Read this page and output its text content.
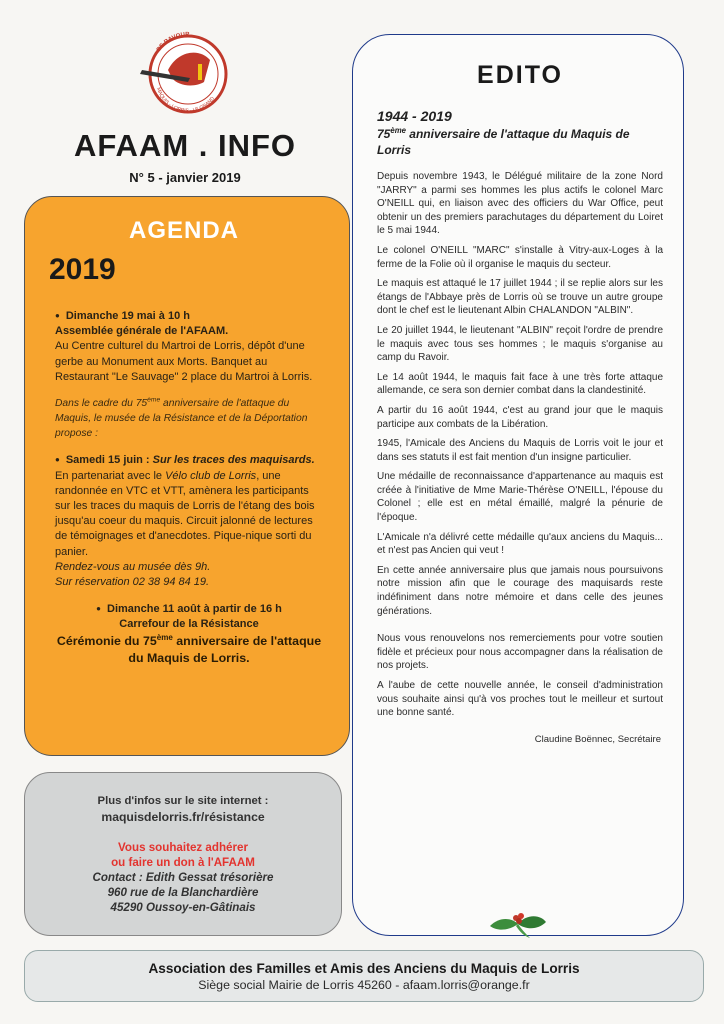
DE RAVOUR
MAQUIS - LORRIS - LE GRAND
AFAAM . INFO
N° 5 - janvier 2019
AGENDA
2019
● Dimanche 19 mai à 10 h
Assemblée générale de l'AFAAM.
Au Centre culturel du Martroi de Lorris, dépôt d'une gerbe au Monument aux Morts. Banquet au Restaurant "Le Sauvage" 2 place du Martroi à Lorris.
Dans le cadre du 75ème anniversaire de l'attaque du Maquis, le musée de la Résistance et de la Déportation propose :
● Samedi 15 juin : Sur les traces des maquisards. En partenariat avec le Vélo club de Lorris, une randonnée en VTC et VTT, amènera les participants sur les traces du maquis de Lorris de l'étang des bois jusqu'au coeur du maquis. Circuit jalonné de lectures de témoignages et d'anecdotes. Pique-nique sorti du panier.
Rendez-vous au musée dès 9h.
Sur réservation 02 38 94 84 19.
● Dimanche 11 août à partir de 16 h
Carrefour de la Résistance
Cérémonie du 75ème anniversaire de l'attaque du Maquis de Lorris.
Plus d'infos sur le site internet :
maquisdelorris.fr/résistance
Vous souhaitez adhérer
ou faire un don à l'AFAAM
Contact : Edith Gessat trésorière
960 rue de la Blanchardière
45290 Oussoy-en-Gâtinais
EDITO
1944 - 2019
75ème anniversaire de l'attaque du Maquis de Lorris

Depuis novembre 1943, le Délégué militaire de la zone Nord "JARRY" a parmi ses hommes les plus actifs le colonel Marc O'NEILL qui, en liaison avec des officiers du War Office, peut obtenir un des premiers parachutages du département du Loiret le 5 mai 1944.

Le colonel O'NEILL "MARC" s'installe à Vitry-aux-Loges à la ferme de la Folie où il organise le maquis du secteur.

Le maquis est attaqué le 17 juillet 1944 ; il se replie alors sur les étangs de l'Abbaye près de Lorris où se trouve un autre groupe dont le chef est le lieutenant Albin CHALANDON "ALBIN".

Le 20 juillet 1944, le lieutenant "ALBIN" reçoit l'ordre de prendre le maquis avec tous ses hommes ; le maquis s'organise au camp du Ravoir.

Le 14 août 1944, le maquis fait face à une très forte attaque allemande, ce sera son dernier combat dans la clandestinité.

A partir du 16 août 1944, c'est au grand jour que le maquis participe aux combats de la Libération.

1945, l'Amicale des Anciens du Maquis de Lorris voit le jour et dans ses statuts il est fait mention d'un insigne particulier.

Une médaille de reconnaissance d'appartenance au maquis est créée à l'initiative de Mme Marie-Thérèse O'NEILL, l'épouse du Colonel ; elle est en métal émaillé, malgré la pénurie de l'époque.

L'Amicale n'a délivré cette médaille qu'aux anciens du Maquis... et n'est pas Ancien qui veut !

En cette année anniversaire plus que jamais nous poursuivons notre mission afin que le courage des maquisards reste indéfiniment dans notre mémoire et dans celle des jeunes générations.

Nous vous renouvelons nos remerciements pour votre soutien fidèle et précieux pour nous accompagner dans la réalisation de nos projets.

A l'aube de cette nouvelle année, le conseil d'administration vous souhaite ainsi qu'à vos proches tout le meilleur et surtout une bonne santé.

Claudine Boënnec, Secrétaire
Association des Familles et Amis des Anciens du Maquis de Lorris
Siège social Mairie de Lorris 45260 - afaam.lorris@orange.fr
